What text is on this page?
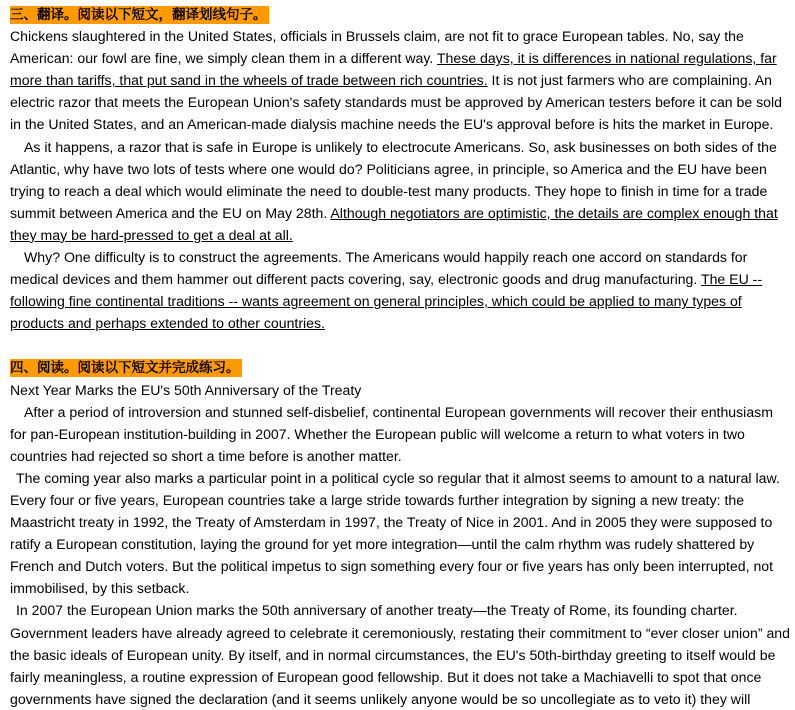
三、翻译。阅读以下短文，翻译划线句子。

Chickens slaughtered in the United States, officials in Brussels claim, are not fit to grace European tables. No, say the American: our fowl are fine, we simply clean them in a different way. These days, it is differences in national regulations, far more than tariffs, that put sand in the wheels of trade between rich countries. It is not just farmers who are complaining. An electric razor that meets the European Union's safety standards must be approved by American testers before it can be sold in the United States, and an American-made dialysis machine needs the EU's approval before is hits the market in Europe.

As it happens, a razor that is safe in Europe is unlikely to electrocute Americans. So, ask businesses on both sides of the Atlantic, why have two lots of tests where one would do? Politicians agree, in principle, so America and the EU have been trying to reach a deal which would eliminate the need to double-test many products. They hope to finish in time for a trade summit between America and the EU on May 28th. Although negotiators are optimistic, the details are complex enough that they may be hard-pressed to get a deal at all.

Why? One difficulty is to construct the agreements. The Americans would happily reach one accord on standards for medical devices and them hammer out different pacts covering, say, electronic goods and drug manufacturing. The EU -- following fine continental traditions -- wants agreement on general principles, which could be applied to many types of products and perhaps extended to other countries.

四、阅读。阅读以下短文并完成练习。

Next Year Marks the EU's 50th Anniversary of the Treaty

After a period of introversion and stunned self-disbelief, continental European governments will recover their enthusiasm for pan-European institution-building in 2007. Whether the European public will welcome a return to what voters in two countries had rejected so short a time before is another matter.

The coming year also marks a particular point in a political cycle so regular that it almost seems to amount to a natural law. Every four or five years, European countries take a large stride towards further integration by signing a new treaty: the Maastricht treaty in 1992, the Treaty of Amsterdam in 1997, the Treaty of Nice in 2001. And in 2005 they were supposed to ratify a European constitution, laying the ground for yet more integration—until the calm rhythm was rudely shattered by French and Dutch voters. But the political impetus to sign something every four or five years has only been interrupted, not immobilised, by this setback.

In 2007 the European Union marks the 50th anniversary of another treaty—the Treaty of Rome, its founding charter. Government leaders have already agreed to celebrate it ceremoniously, restating their commitment to “ever closer union” and the basic ideals of European unity. By itself, and in normal circumstances, the EU's 50th-birthday greeting to itself would be fairly meaningless, a routine expression of European good fellowship. But it does not take a Machiavelli to spot that once governments have signed the declaration (and it seems unlikely anyone would be so uncollegiate as to veto it) they will
